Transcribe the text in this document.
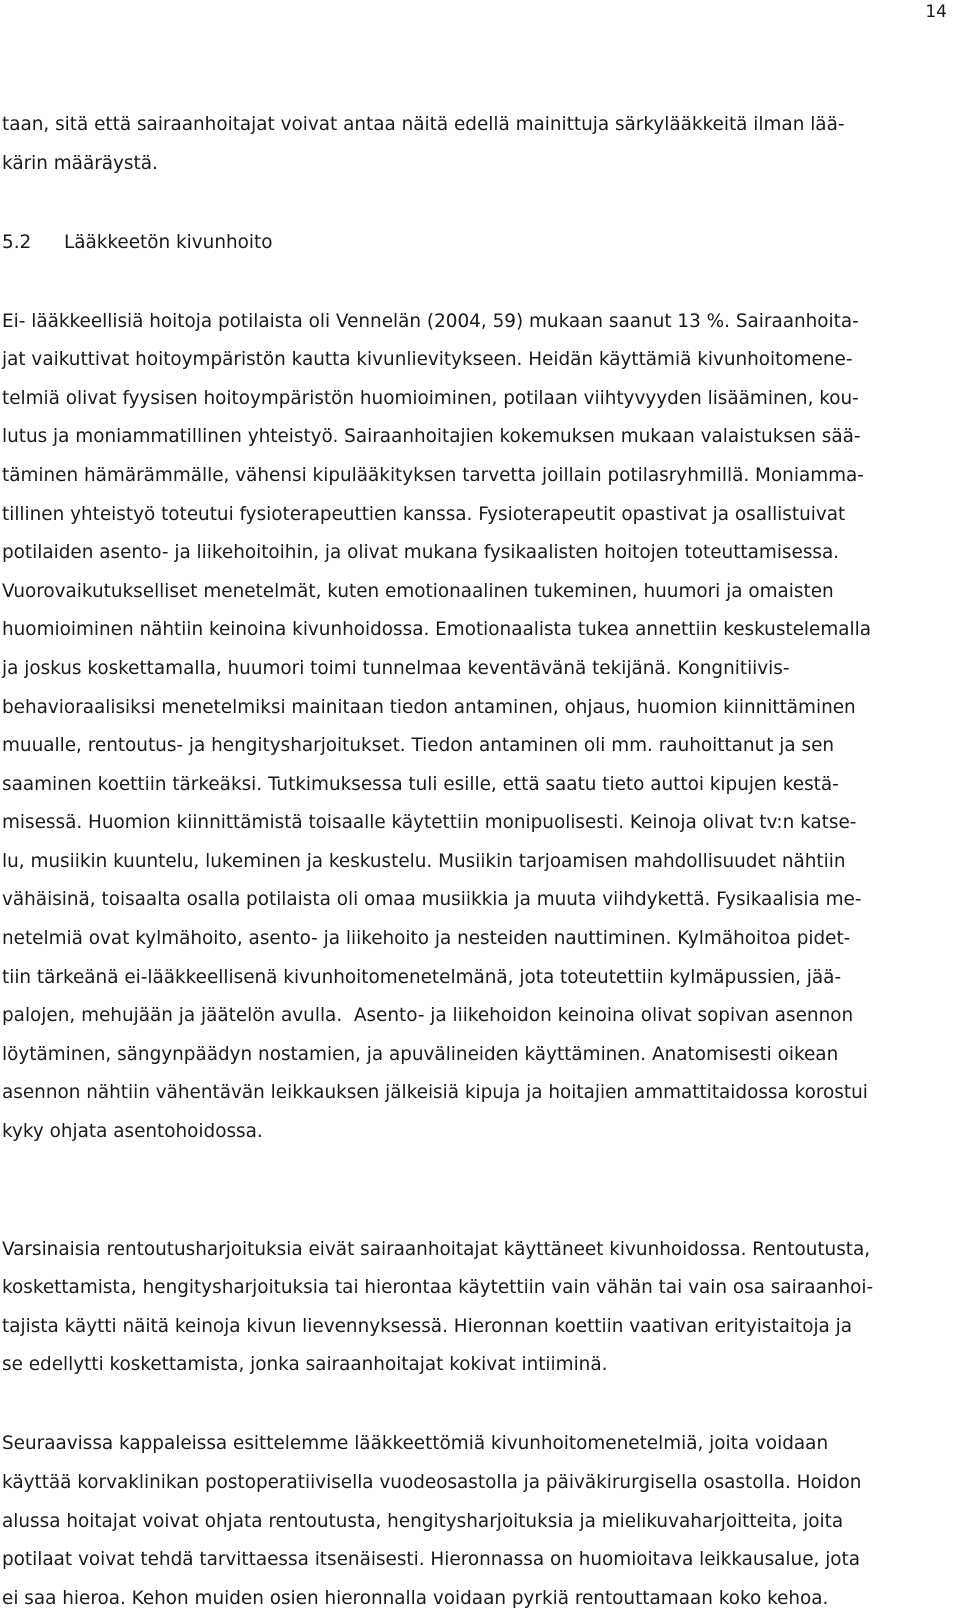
14
taan, sitä että sairaanhoitajat voivat antaa näitä edellä mainittuja särkylääkkeitä ilman lää-
kärin määräystä.
5.2 Lääkkeetön kivunhoito
Ei- lääkkeellisiä hoitoja potilaista oli Vennelän (2004, 59) mukaan saanut 13 %. Sairaanhoita-
jat vaikuttivat hoitoympäristön kautta kivunlievitykseen. Heidän käyttämiä kivunhoitomene-
telmiä olivat fyysisen hoitoympäristön huomioiminen, potilaan viihtyvyyden lisääminen, kou-
lutus ja moniammatillinen yhteistyö. Sairaanhoitajien kokemuksen mukaan valaistuksen sää-
täminen hämärämmälle, vähensi kipulääkityksen tarvetta joillain potilasryhmillä. Moniamma-
tillinen yhteistyö toteutui fysioterapeuttien kanssa. Fysioterapeutit opastivat ja osallistuivat
potilaiden asento- ja liikehoitoihin, ja olivat mukana fysikaalisten hoitojen toteuttamisessa.
Vuorovaikutukselliset menetelmät, kuten emotionaalinen tukeminen, huumori ja omaisten
huomioiminen nähtiin keinoina kivunhoidossa. Emotionaalista tukea annettiin keskustelemalla
ja joskus koskettamalla, huumori toimi tunnelmaa keventävänä tekijänä. Kongnitiivis-
behavioraalisiksi menetelmiksi mainitaan tiedon antaminen, ohjaus, huomion kiinnittäminen
muualle, rentoutus- ja hengitysharjoitukset. Tiedon antaminen oli mm. rauhoittanut ja sen
saaminen koettiin tärkeäksi. Tutkimuksessa tuli esille, että saatu tieto auttoi kipujen kestä-
misessä. Huomion kiinnittämistä toisaalle käytettiin monipuolisesti. Keinoja olivat tv:n katse-
lu, musiikin kuuntelu, lukeminen ja keskustelu. Musiikin tarjoamisen mahdollisuudet nähtiin
vähäisinä, toisaalta osalla potilaista oli omaa musiikkia ja muuta viihdykettä. Fysikaalisia me-
netelmiä ovat kylmähoito, asento- ja liikehoito ja nesteiden nauttiminen. Kylmähoitoa pidet-
tiin tärkeänä ei-lääkkeellisenä kivunhoitomenetelmänä, jota toteutettiin kylmäpussien, jää-
palojen, mehujään ja jäätelön avulla.  Asento- ja liikehoidon keinoina olivat sopivan asennon
löytäminen, sängynpäädyn nostamien, ja apuvälineiden käyttäminen. Anatomisesti oikean
asennon nähtiin vähentävän leikkauksen jälkeisiä kipuja ja hoitajien ammattitaidossa korostui
kyky ohjata asentohoidossa.
Varsinaisia rentoutusharjoituksia eivät sairaanhoitajat käyttäneet kivunhoidossa. Rentoutusta,
koskettamista, hengitysharjoituksia tai hierontaa käytettiin vain vähän tai vain osa sairaanhoi-
tajista käytti näitä keinoja kivun lievennyksessä. Hieronnan koettiin vaativan erityistaitoja ja
se edellytti koskettamista, jonka sairaanhoitajat kokivat intiiminä.
Seuraavissa kappaleissa esittelemme lääkkeettömiä kivunhoitomenetelmiä, joita voidaan
käyttää korvaklinikan postoperatiivisella vuodeosastolla ja päiväkirurgisella osastolla. Hoidon
alussa hoitajat voivat ohjata rentoutusta, hengitysharjoituksia ja mielikuvaharjoitteita, joita
potilaat voivat tehdä tarvittaessa itsenäisesti. Hieronnassa on huomioitava leikkausalue, jota
ei saa hieroa. Kehon muiden osien hieronnalla voidaan pyrkiä rentouttamaan koko kehoa.
